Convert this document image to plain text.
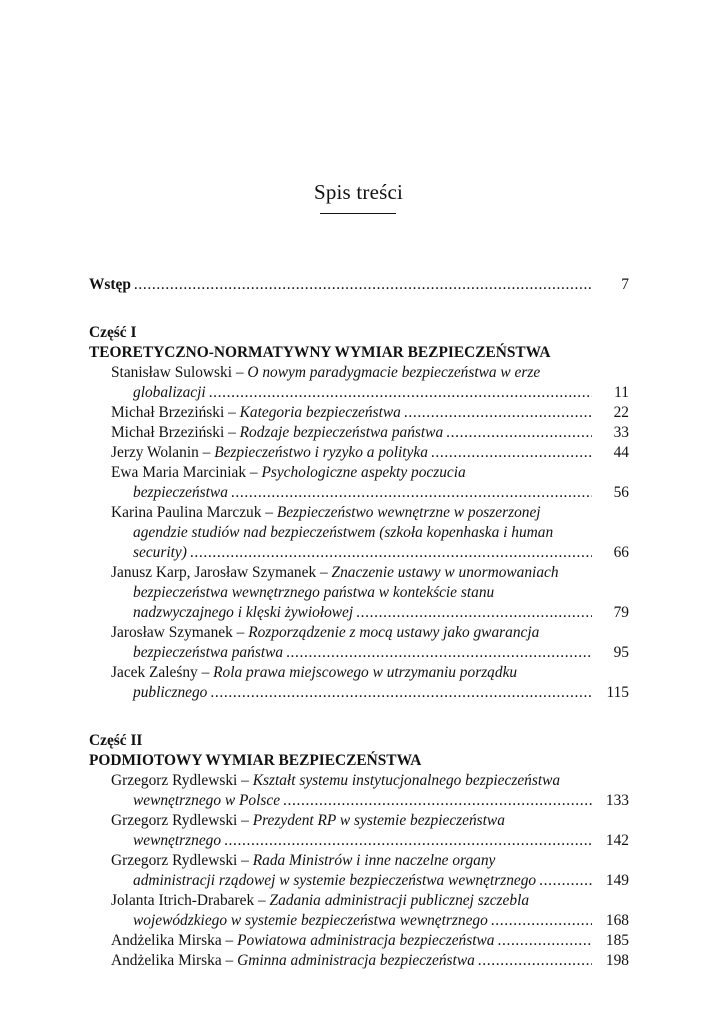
Spis treści
Wstęp . . .	7
Część I
TEORETYCZNO-NORMATYWNY WYMIAR BEZPIECZEŃSTWA
Stanisław Sulowski – O nowym paradygmacie bezpieczeństwa w erze
globalizacji . . .	11
Michał Brzeziński – Kategoria bezpieczeństwa . . .	22
Michał Brzeziński – Rodzaje bezpieczeństwa państwa . . .	33
Jerzy Wolanin – Bezpieczeństwo i ryzyko a polityka . . .	44
Ewa Maria Marciniak – Psychologiczne aspekty poczucia
bezpieczeństwa . . .	56
Karina Paulina Marczuk – Bezpieczeństwo wewnętrzne w poszerzonej
agendzie studiów nad bezpieczeństwem (szkoła kopenhaska i human
security) . . .	66
Janusz Karp, Jarosław Szymanek – Znaczenie ustawy w unormowaniach
bezpieczeństwa wewnętrznego państwa w kontekście stanu
nadzwyczajnego i klęski żywiołowej . . .	79
Jarosław Szymanek – Rozporządzenie z mocą ustawy jako gwarancja
bezpieczeństwa państwa . . .	95
Jacek Zaleśny – Rola prawa miejscowego w utrzymaniu porządku
publicznego . . .	115
Część II
PODMIOTOWY WYMIAR BEZPIECZEŃSTWA
Grzegorz Rydlewski – Kształt systemu instytucjonalnego bezpieczeństwa
wewnętrznego w Polsce . . .	133
Grzegorz Rydlewski – Prezydent RP w systemie bezpieczeństwa
wewnętrznego . . .	142
Grzegorz Rydlewski – Rada Ministrów i inne naczelne organy
administracji rządowej w systemie bezpieczeństwa wewnętrznego . . .	149
Jolanta Itrich-Drabarek – Zadania administracji publicznej szczebla
wojewódzkiego w systemie bezpieczeństwa wewnętrznego . . .	168
Andżelika Mirska – Powiatowa administracja bezpieczeństwa . . .	185
Andżelika Mirska – Gminna administracja bezpieczeństwa . . .	198
